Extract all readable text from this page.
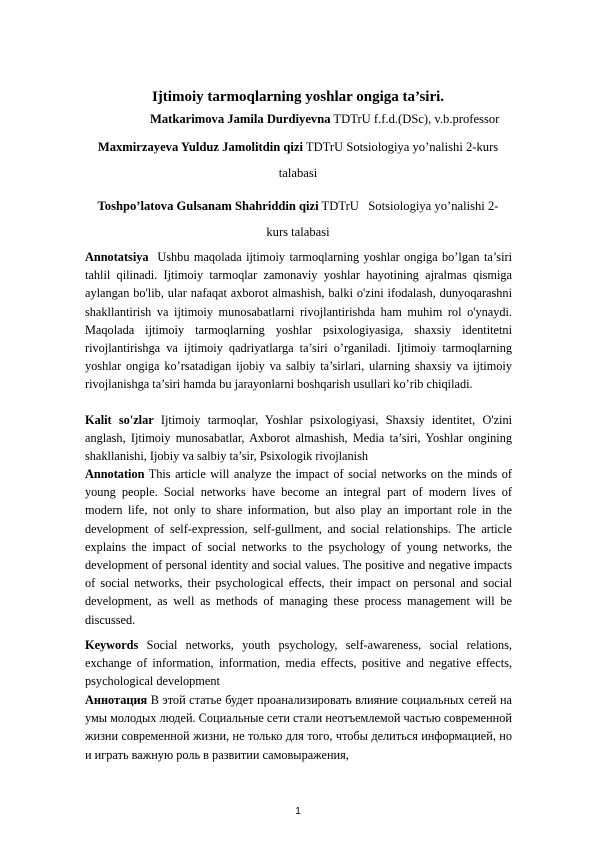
Ijtimoiy tarmoqlarning yoshlar ongiga ta’siri.
Matkarimova Jamila Durdiyevna TDTrU f.f.d.(DSc), v.b.professor
Maxmirzayeva Yulduz Jamolitdin qizi TDTrU Sotsiologiya yo’nalishi 2-kurs
talabasi
Toshpo’latova Gulsanam Shahriddin qizi TDTrU   Sotsiologiya yo’nalishi 2-
kurs talabasi
Annotatsiya  Ushbu maqolada ijtimoiy tarmoqlarning yoshlar ongiga bo’lgan ta’siri tahlil qilinadi. Ijtimoiy tarmoqlar zamonaviy yoshlar hayotining ajralmas qismiga aylangan bo'lib, ular nafaqat axborot almashish, balki o'zini ifodalash, dunyoqarashni shakllantirish va ijtimoiy munosabatlarni rivojlantirishda ham muhim rol o'ynaydi. Maqolada ijtimoiy tarmoqlarning yoshlar psixologiyasiga, shaxsiy identitetni rivojlantirishga va ijtimoiy qadriyatlarga ta’siri o’rganiladi. Ijtimoiy tarmoqlarning yoshlar ongiga ko’rsatadigan ijobiy va salbiy ta’sirlari, ularning shaxsiy va ijtimoiy rivojlanishga ta’siri hamda bu jarayonlarni boshqarish usullari ko’rib chiqiladi.
Kalit so'zlar Ijtimoiy tarmoqlar, Yoshlar psixologiyasi, Shaxsiy identitet, O'zini anglash, Ijtimoiy munosabatlar, Axborot almashish, Media ta’siri, Yoshlar ongining shakllanishi, Ijobiy va salbiy ta’sir, Psixologik rivojlanish
Annotation This article will analyze the impact of social networks on the minds of young people. Social networks have become an integral part of modern lives of modern life, not only to share information, but also play an important role in the development of self-expression, self-gullment, and social relationships. The article explains the impact of social networks to the psychology of young networks, the development of personal identity and social values. The positive and negative impacts of social networks, their psychological effects, their impact on personal and social development, as well as methods of managing these process management will be discussed.
Keywords Social networks, youth psychology, self-awareness, social relations, exchange of information, information, media effects, positive and negative effects, psychological development
Аннотация В этой статье будет проанализировать влияние социальных сетей на умы молодых людей. Социальные сети стали неотъемлемой частью современной жизни современной жизни, не только для того, чтобы делиться информацией, но и играть важную роль в развитии самовыражения,
1
